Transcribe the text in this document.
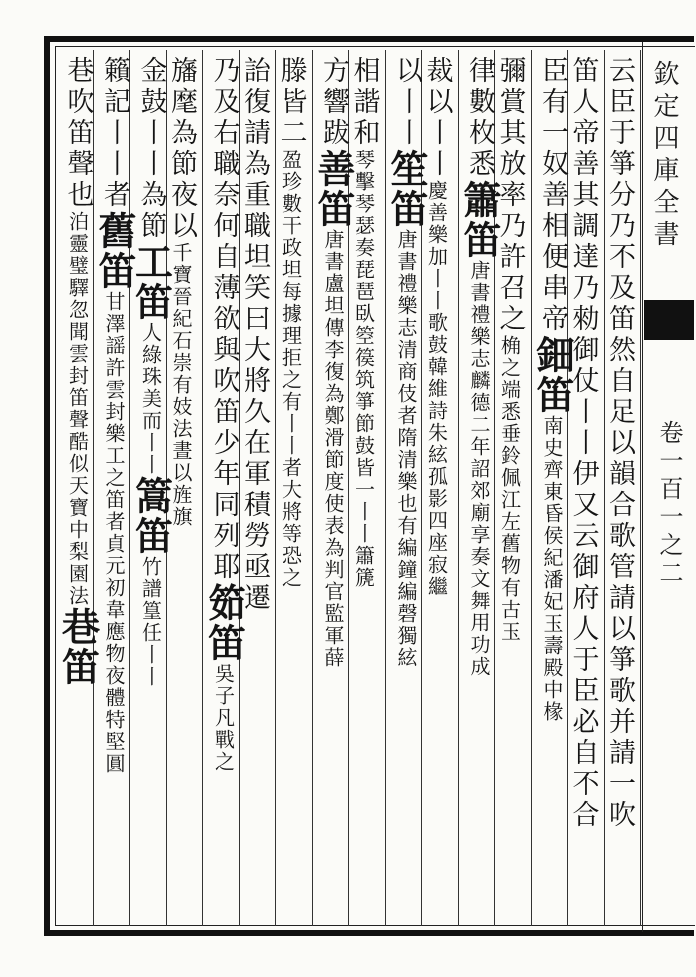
欽定四庫全書
卷一百一之二
云臣于箏分乃不及笛然自足以韻合歌管請以箏歌并請一吹
笛人帝善其調達乃勑御仗丨丨伊又云御府人于臣必自不合
臣有一奴善相便串帝鈿笛南史齊東昏侯紀潘妃玉壽殿中椽
彌賞其放率乃許召之桷之端悉垂鈴佩江左舊物有古玉
律數枚悉簫笛唐書禮樂志麟德二年詔郊廟享奏文舞用功成
裁以丨丨慶善樂加丨丨歌鼓韓維詩朱絃孤影四座寂繼
以丨丨笙笛唐書禮樂志清商伎者隋清樂也有編鐘編磬獨絃
相諧和琴擊琴瑟奏琵琶臥箜篌筑箏節鼓皆一丨丨簫篪
方響跋善笛唐書盧坦傳李復為鄭滑節度使表為判官監軍薛
滕皆二盈珍數干政坦每據理拒之有丨丨者大將等恐之
詒復請為重職坦笑曰大將久在軍積勞亟遷
乃及右職奈何自薄欲與吹笛少年同列耶筎笛吳子凡戰之
旛麾為節夜以千寶晉紀石崇有妓法晝以旌旗
金鼓丨丨為節工笛人綠珠美而丨丨篙笛竹譜篁任丨丨
籟記丨丨者舊笛甘澤謡許雲封樂工之笛者貞元初韋應物夜體特堅圓
巷吹笛聲也泊靈璧驛忽聞雲封笛聲酷似天寶中梨園法巷笛
